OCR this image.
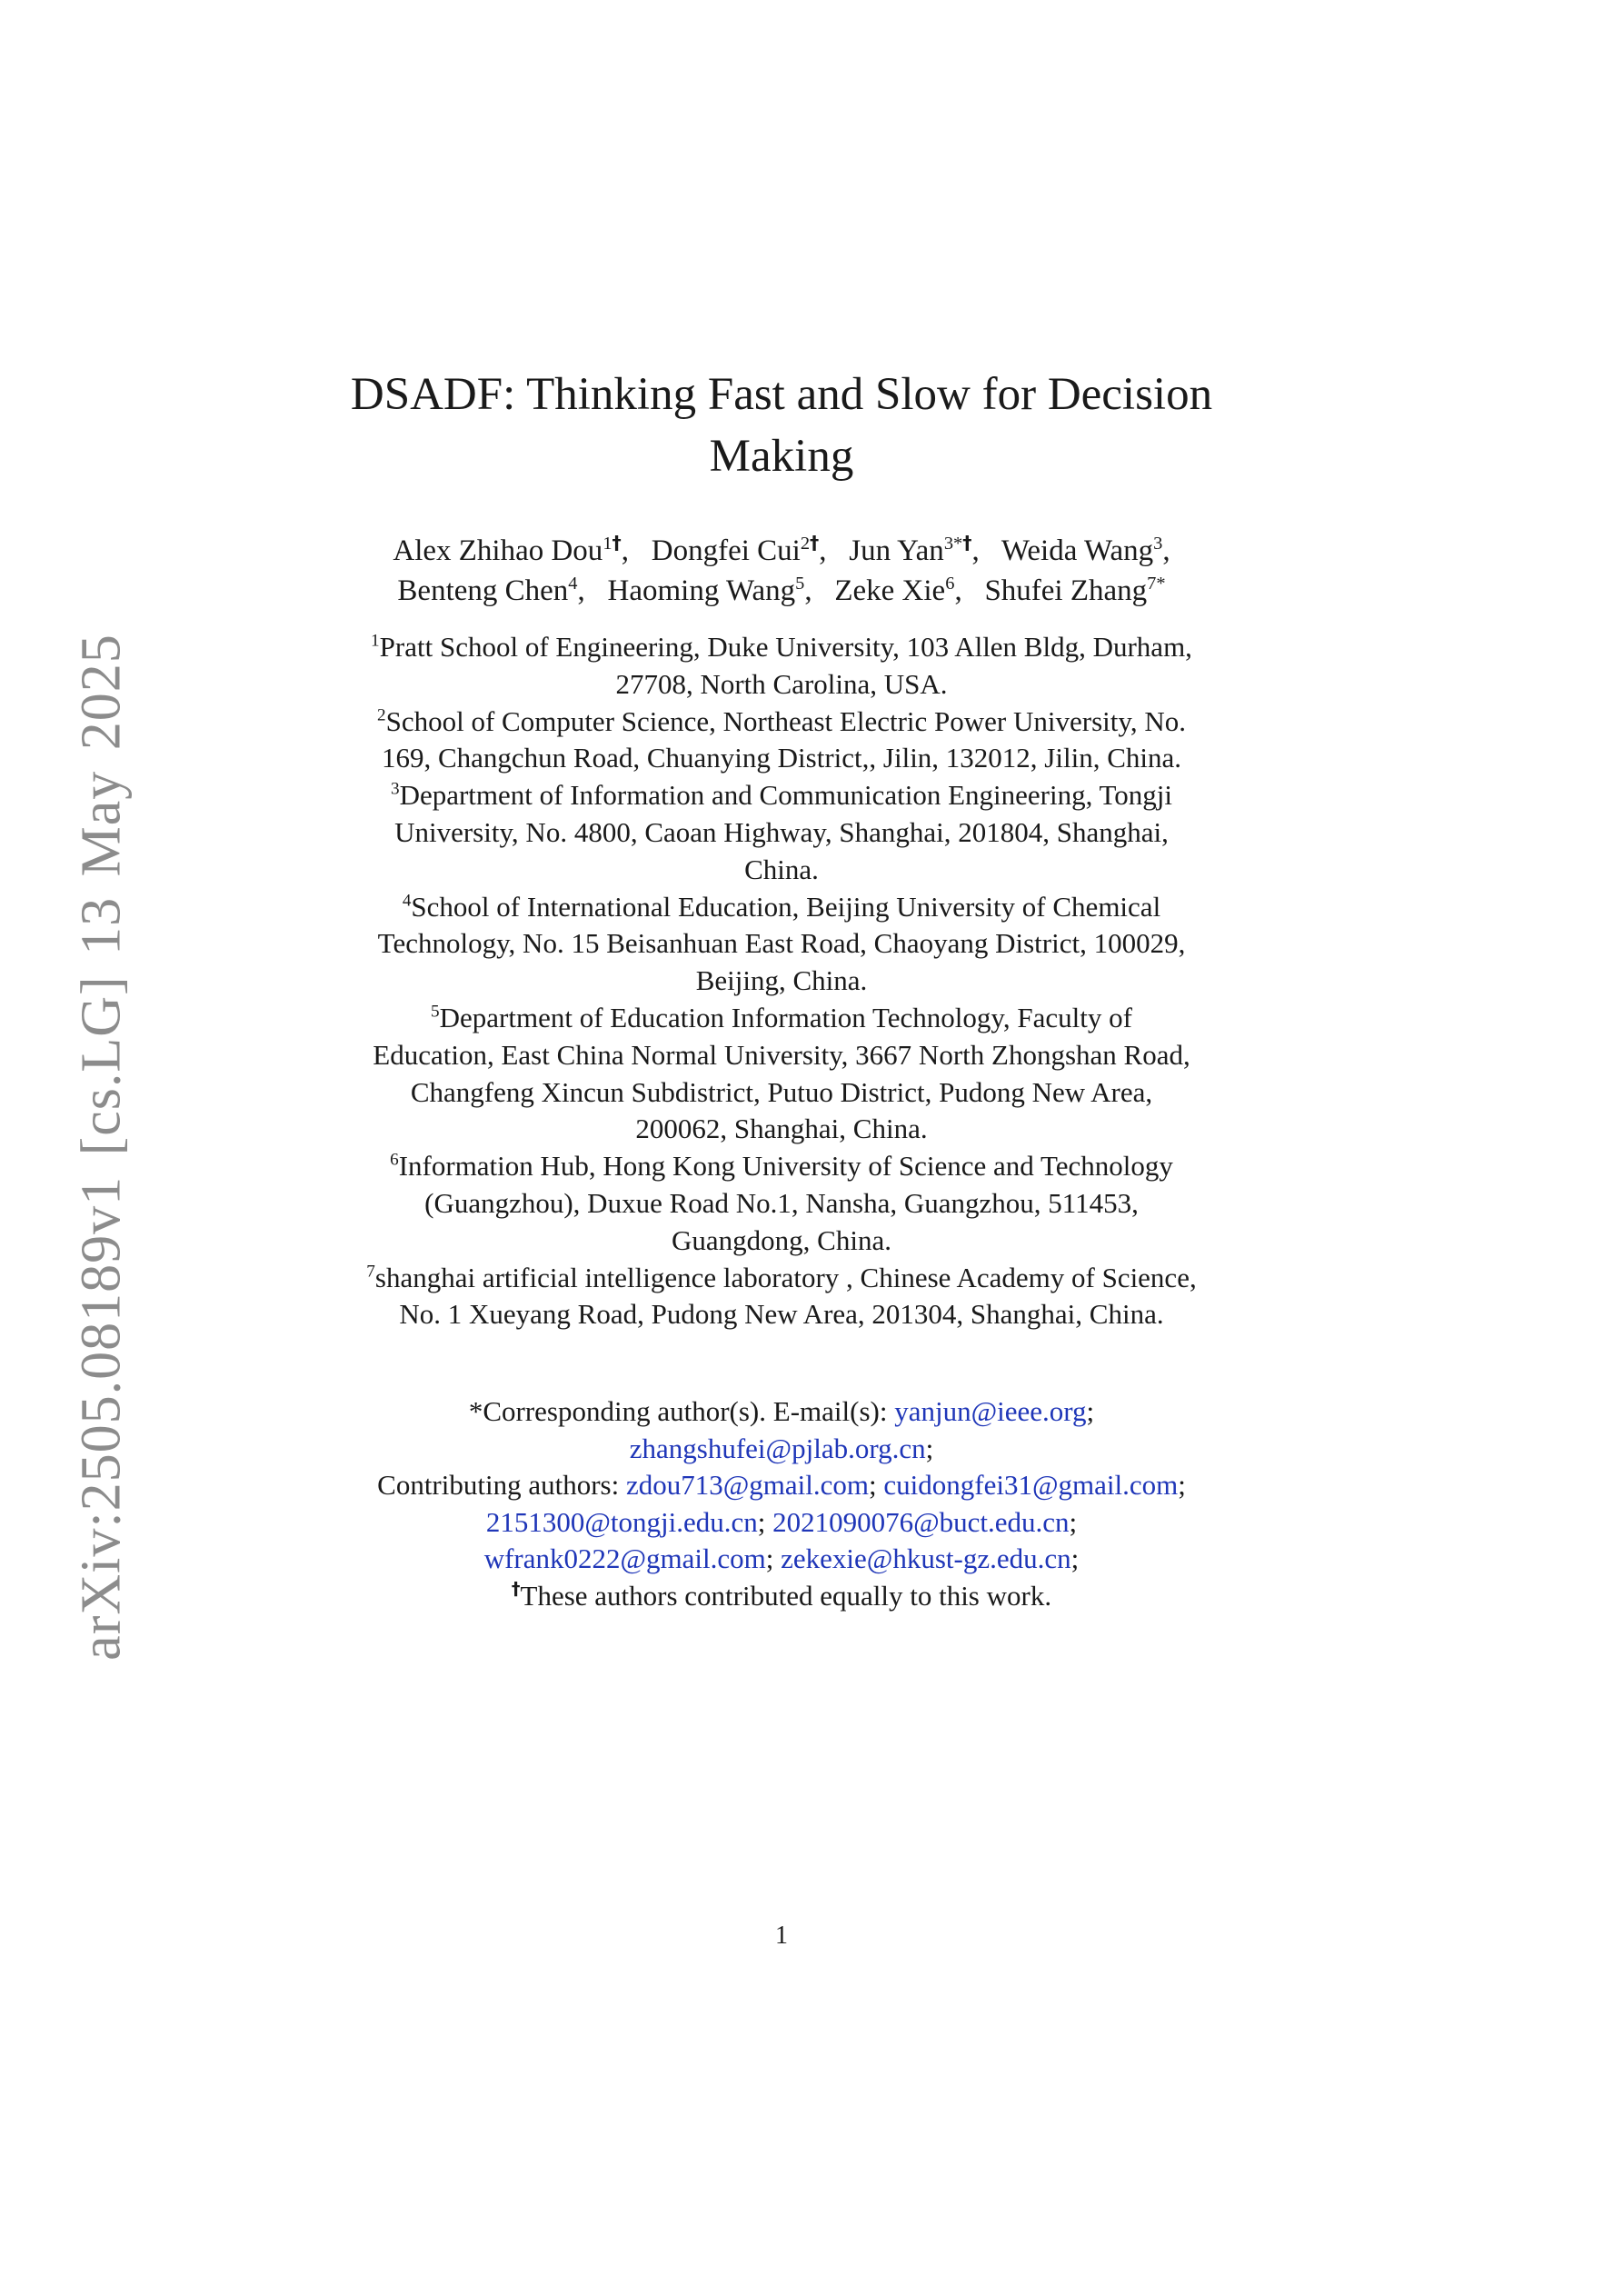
arXiv:2505.08189v1 [cs.LG] 13 May 2025
DSADF: Thinking Fast and Slow for Decision
Making
Alex Zhihao Dou$^{1\dagger}$, Dongfei Cui$^{2\dagger}$, Jun Yan$^{3*\dagger}$, Weida Wang$^3$,
Benteng Chen$^4$, Haoming Wang$^5$, Zeke Xie$^6$, Shufei Zhang$^{7*}$
$^1$Pratt School of Engineering, Duke University, 103 Allen Bldg, Durham,
27708, North Carolina, USA.
$^2$School of Computer Science, Northeast Electric Power University, No.
169, Changchun Road, Chuanying District,, Jilin, 132012, Jilin, China.
$^3$Department of Information and Communication Engineering, Tongji
University, No. 4800, Caoan Highway, Shanghai, 201804, Shanghai,
China.
$^4$School of International Education, Beijing University of Chemical
Technology, No. 15 Beisanhuan East Road, Chaoyang District, 100029,
Beijing, China.
$^5$Department of Education Information Technology, Faculty of
Education, East China Normal University, 3667 North Zhongshan Road,
Changfeng Xincun Subdistrict, Putuo District, Pudong New Area,
200062, Shanghai, China.
$^6$Information Hub, Hong Kong University of Science and Technology
(Guangzhou), Duxue Road No.1, Nansha, Guangzhou, 511453,
Guangdong, China.
$^7$shanghai artificial intelligence laboratory , Chinese Academy of Science,
No. 1 Xueyang Road, Pudong New Area, 201304, Shanghai, China.
*Corresponding author(s). E-mail(s): yanjun@ieee.org;
zhangshufei@pjlab.org.cn;
Contributing authors: zdou713@gmail.com; cuidongfei31@gmail.com;
2151300@tongji.edu.cn; 2021090076@buct.edu.cn;
wfrank0222@gmail.com; zekexie@hkust-gz.edu.cn;
†These authors contributed equally to this work.
1
